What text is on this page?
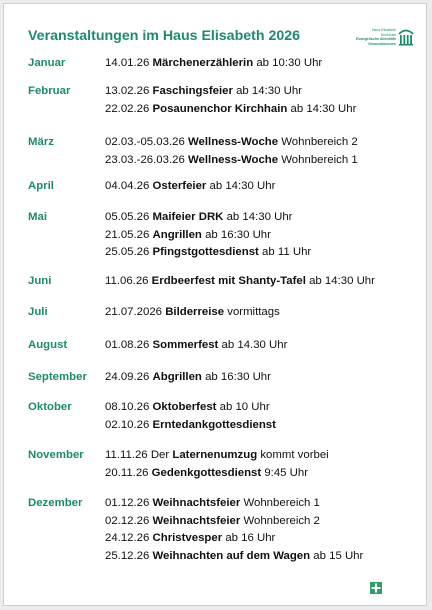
Veranstaltungen im Haus Elisabeth 2026	Haus Elisabeth
Kirchhain
Evangelische Altenhilfe
Gesundbrunnen
Januar	14.01.26 Märchenerzählerin ab 10:30 Uhr
Februar	13.02.26 Faschingsfeier ab 14:30 Uhr
22.02.26 Posaunenchor Kirchhain ab 14:30 Uhr
März	02.03.-05.03.26 Wellness-Woche Wohnbereich 2
23.03.-26.03.26 Wellness-Woche Wohnbereich 1
April	04.04.26 Osterfeier ab 14:30 Uhr
Mai	05.05.26 Maifeier DRK ab 14:30 Uhr
21.05.26 Angrillen ab 16:30 Uhr
25.05.26 Pfingstgottesdienst ab 11 Uhr
Juni	11.06.26 Erdbeerfest mit Shanty-Tafel ab 14:30 Uhr
Juli	21.07.2026 Bilderreise vormittags
August	01.08.26 Sommerfest ab 14.30 Uhr
September 24.09.26 Abgrillen ab 16:30 Uhr
Oktober	08.10.26 Oktoberfest ab 10 Uhr
02.10.26 Erntedankgottesdienst
November 11.11.26 Der Laternenumzug kommt vorbei
20.11.26 Gedenkgottesdienst 9:45 Uhr
Dezember 01.12.26 Weihnachtsfeier Wohnbereich 1
02.12.26 Weihnachtsfeier Wohnbereich 2
24.12.26 Christvesper ab 16 Uhr
25.12.26 Weihnachten auf dem Wagen ab 15 Uhr
